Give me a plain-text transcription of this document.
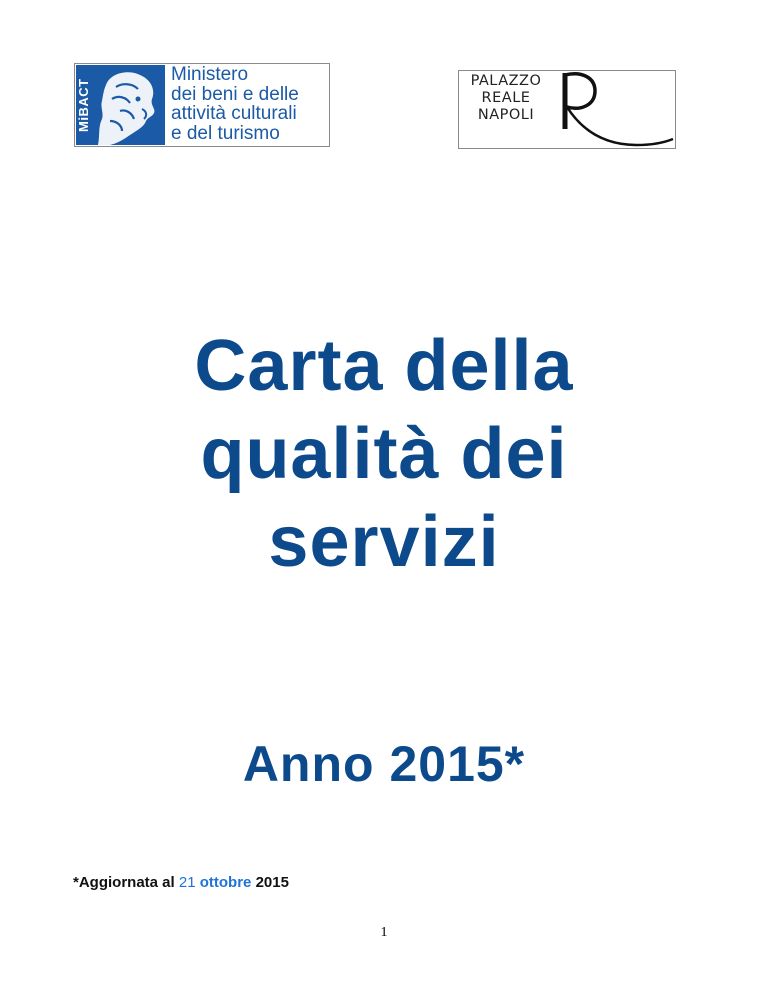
MiBACT
Ministero
dei beni e delle
attività culturali
e del turismo
PALAZZO
REALE
NAPOLI
Carta della
qualità dei
servizi
Anno 2015*
*Aggiornata al 21 ottobre 2015
1
